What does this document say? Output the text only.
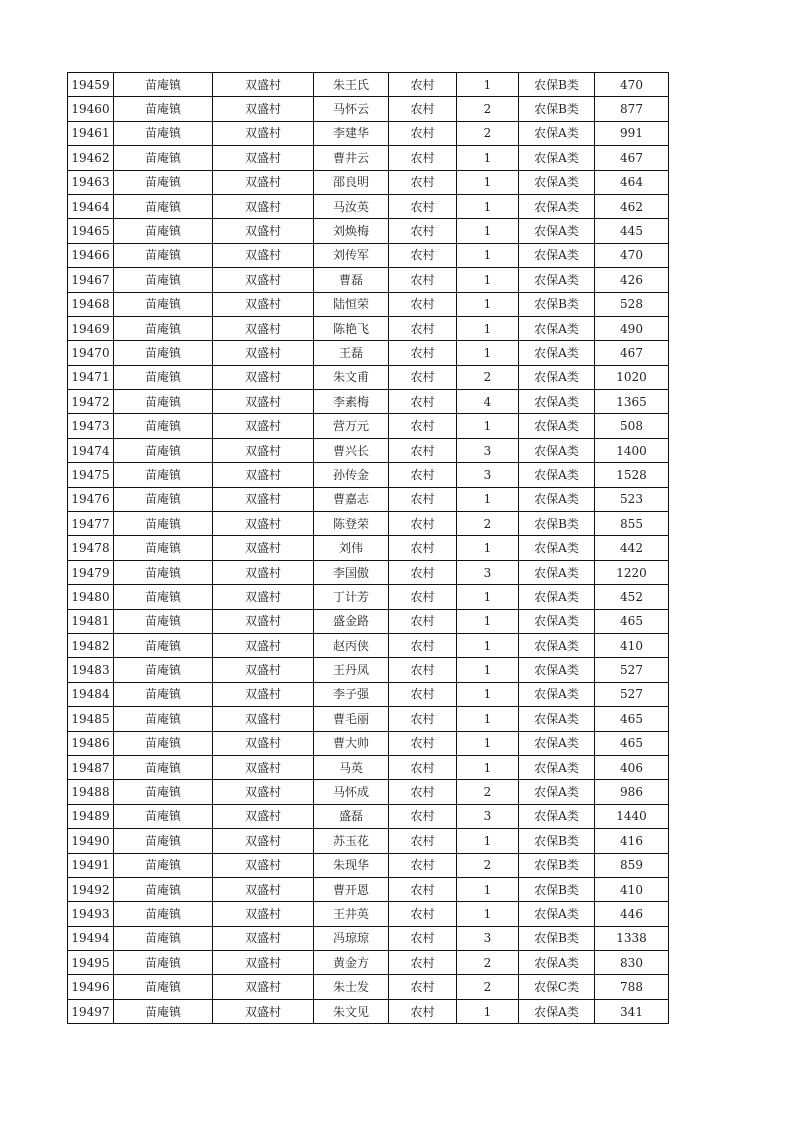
19459	苗庵镇	双盛村	朱王氏	农村	1	农保B类	470
19460	苗庵镇	双盛村	马怀云	农村	2	农保B类	877
19461	苗庵镇	双盛村	李建华	农村	2	农保A类	991
19462	苗庵镇	双盛村	曹井云	农村	1	农保A类	467
19463	苗庵镇	双盛村	邵良明	农村	1	农保A类	464
19464	苗庵镇	双盛村	马汝英	农村	1	农保A类	462
19465	苗庵镇	双盛村	刘焕梅	农村	1	农保A类	445
19466	苗庵镇	双盛村	刘传军	农村	1	农保A类	470
19467	苗庵镇	双盛村	曹磊	农村	1	农保A类	426
19468	苗庵镇	双盛村	陆恒荣	农村	1	农保B类	528
19469	苗庵镇	双盛村	陈艳飞	农村	1	农保A类	490
19470	苗庵镇	双盛村	王磊	农村	1	农保A类	467
19471	苗庵镇	双盛村	朱文甫	农村	2	农保A类	1020
19472	苗庵镇	双盛村	李素梅	农村	4	农保A类	1365
19473	苗庵镇	双盛村	营万元	农村	1	农保A类	508
19474	苗庵镇	双盛村	曹兴长	农村	3	农保A类	1400
19475	苗庵镇	双盛村	孙传金	农村	3	农保A类	1528
19476	苗庵镇	双盛村	曹嘉志	农村	1	农保A类	523
19477	苗庵镇	双盛村	陈登荣	农村	2	农保B类	855
19478	苗庵镇	双盛村	刘伟	农村	1	农保A类	442
19479	苗庵镇	双盛村	李国傲	农村	3	农保A类	1220
19480	苗庵镇	双盛村	丁计芳	农村	1	农保A类	452
19481	苗庵镇	双盛村	盛金路	农村	1	农保A类	465
19482	苗庵镇	双盛村	赵丙侠	农村	1	农保A类	410
19483	苗庵镇	双盛村	王丹凤	农村	1	农保A类	527
19484	苗庵镇	双盛村	李子强	农村	1	农保A类	527
19485	苗庵镇	双盛村	曹毛丽	农村	1	农保A类	465
19486	苗庵镇	双盛村	曹大帅	农村	1	农保A类	465
19487	苗庵镇	双盛村	马英	农村	1	农保A类	406
19488	苗庵镇	双盛村	马怀成	农村	2	农保A类	986
19489	苗庵镇	双盛村	盛磊	农村	3	农保A类	1440
19490	苗庵镇	双盛村	苏玉花	农村	1	农保B类	416
19491	苗庵镇	双盛村	朱现华	农村	2	农保B类	859
19492	苗庵镇	双盛村	曹开恩	农村	1	农保B类	410
19493	苗庵镇	双盛村	王井英	农村	1	农保A类	446
19494	苗庵镇	双盛村	冯琼琼	农村	3	农保B类	1338
19495	苗庵镇	双盛村	黄金方	农村	2	农保A类	830
19496	苗庵镇	双盛村	朱士发	农村	2	农保C类	788
19497	苗庵镇	双盛村	朱文见	农村	1	农保A类	341
